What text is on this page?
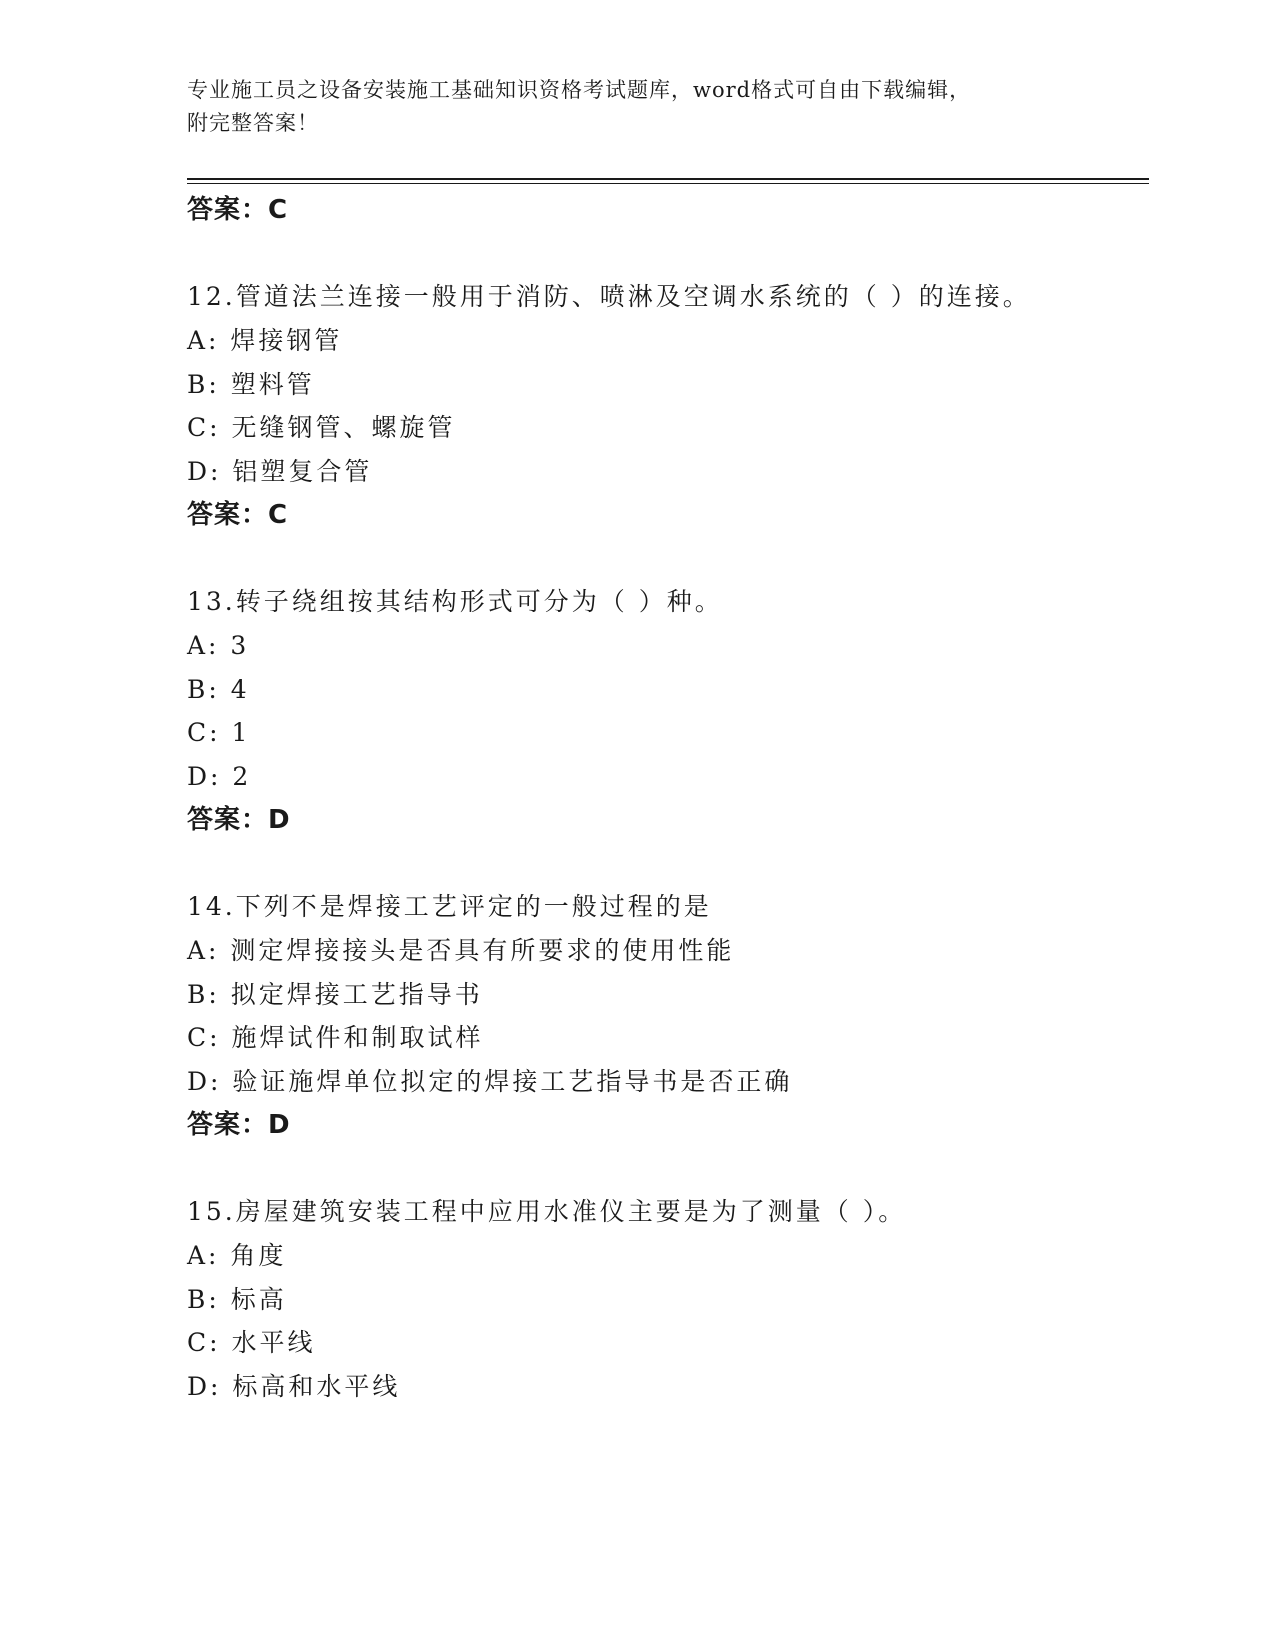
专业施工员之设备安装施工基础知识资格考试题库，word格式可自由下载编辑，
附完整答案！
答案：C
12.管道法兰连接一般用于消防、喷淋及空调水系统的（ ）的连接。
A: 焊接钢管
B: 塑料管
C: 无缝钢管、螺旋管
D: 铝塑复合管
答案：C
13.转子绕组按其结构形式可分为（ ）种。
A: 3
B: 4
C: 1
D: 2
答案：D
14.下列不是焊接工艺评定的一般过程的是
A: 测定焊接接头是否具有所要求的使用性能
B: 拟定焊接工艺指导书
C: 施焊试件和制取试样
D: 验证施焊单位拟定的焊接工艺指导书是否正确
答案：D
15.房屋建筑安装工程中应用水准仪主要是为了测量（ ）。
A: 角度
B: 标高
C: 水平线
D: 标高和水平线
